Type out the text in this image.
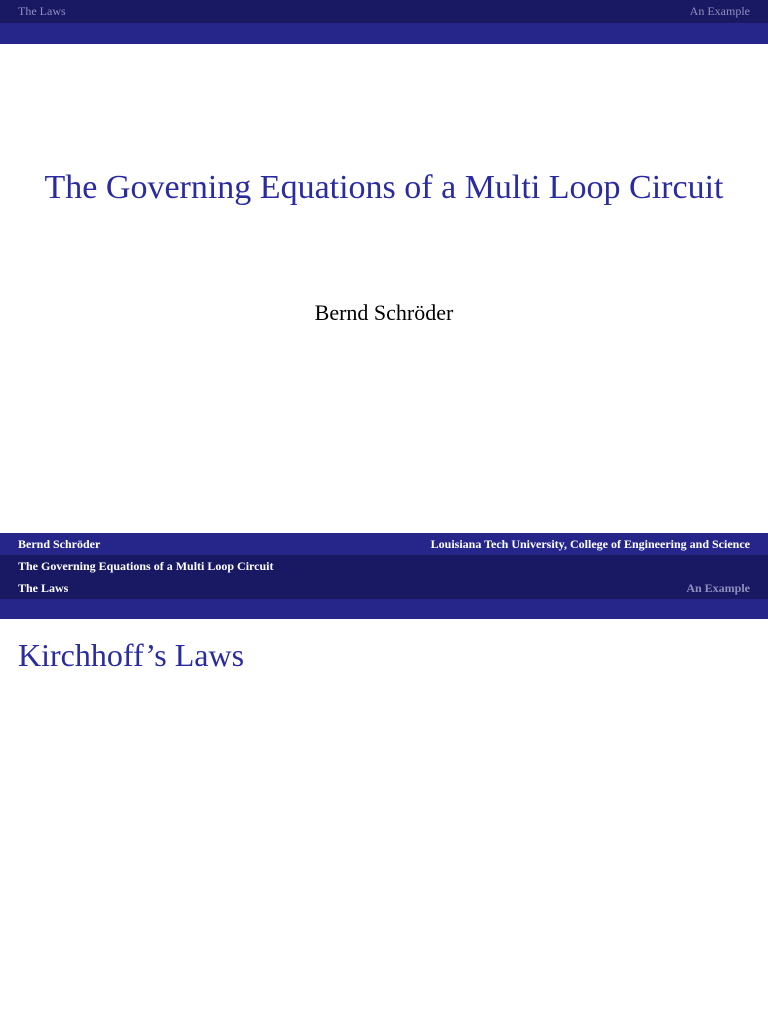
The Laws	An Example
The Governing Equations of a Multi Loop Circuit
Bernd Schröder
Bernd Schröder	Louisiana Tech University, College of Engineering and Science
The Governing Equations of a Multi Loop Circuit
The Laws	An Example
Kirchhoff’s Laws
